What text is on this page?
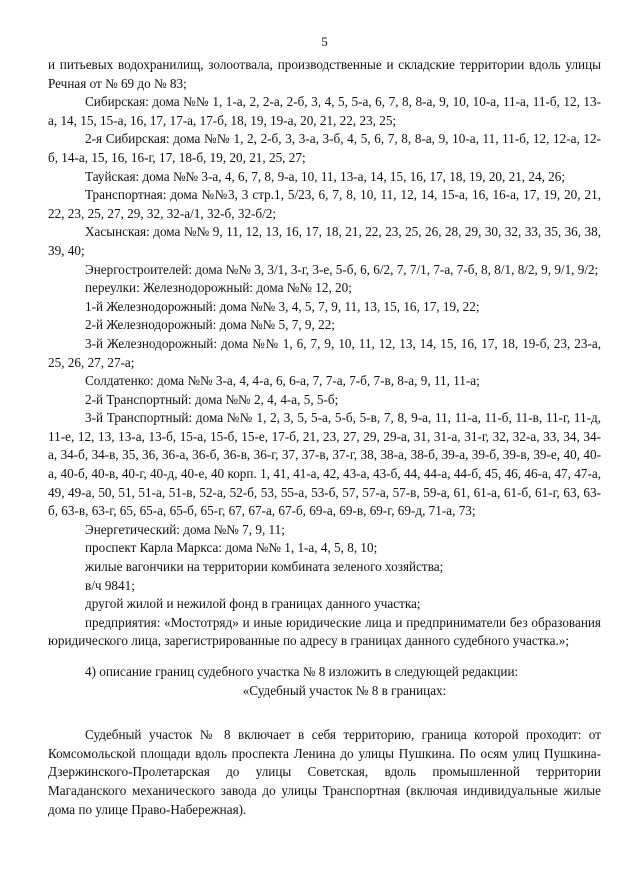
5

и питьевых водохранилищ, золоотвала, производственные и складские территории вдоль улицы Речная от № 69 до № 83;

Сибирская: дома №№ 1, 1-а, 2, 2-а, 2-б, 3, 4, 5, 5-а, 6, 7, 8, 8-а, 9, 10, 10-а, 11-а, 11-б, 12, 13-а, 14, 15, 15-а, 16, 17, 17-а, 17-б, 18, 19, 19-а, 20, 21, 22, 23, 25;

2-я Сибирская: дома №№ 1, 2, 2-б, 3, 3-а, 3-б, 4, 5, 6, 7, 8, 8-а, 9, 10-а, 11, 11-б, 12, 12-а, 12-б, 14-а, 15, 16, 16-г, 17, 18-б, 19, 20, 21, 25, 27;

Тауйская: дома №№ 3-а, 4, 6, 7, 8, 9-а, 10, 11, 13-а, 14, 15, 16, 17, 18, 19, 20, 21, 24, 26;

Транспортная: дома №№3, 3 стр.1, 5/23, 6, 7, 8, 10, 11, 12, 14, 15-а, 16, 16-а, 17, 19, 20, 21, 22, 23, 25, 27, 29, 32, 32-а/1, 32-б, 32-б/2;

Хасынская: дома №№ 9, 11, 12, 13, 16, 17, 18, 21, 22, 23, 25, 26, 28, 29, 30, 32, 33, 35, 36, 38, 39, 40;

Энергостроителей: дома №№ 3, 3/1, 3-г, 3-е, 5-б, 6, 6/2, 7, 7/1, 7-а, 7-б, 8, 8/1, 8/2, 9, 9/1, 9/2;

переулки: Железнодорожный: дома №№ 12, 20;

1-й Железнодорожный: дома №№ 3, 4, 5, 7, 9, 11, 13, 15, 16, 17, 19, 22;

2-й Железнодорожный: дома №№ 5, 7, 9, 22;

3-й Железнодорожный: дома №№ 1, 6, 7, 9, 10, 11, 12, 13, 14, 15, 16, 17, 18, 19-б, 23, 23-а, 25, 26, 27, 27-а;

Солдатенко: дома №№ 3-а, 4, 4-а, 6, 6-а, 7, 7-а, 7-б, 7-в, 8-а, 9, 11, 11-а;

2-й Транспортный: дома №№ 2, 4, 4-а, 5, 5-б;

3-й Транспортный: дома №№ 1, 2, 3, 5, 5-а, 5-б, 5-в, 7, 8, 9-а, 11, 11-а, 11-б, 11-в, 11-г, 11-д, 11-е, 12, 13, 13-а, 13-б, 15-а, 15-б, 15-е, 17-б, 21, 23, 27, 29, 29-а, 31, 31-а, 31-г, 32, 32-а, 33, 34, 34-а, 34-б, 34-в, 35, 36, 36-а, 36-б, 36-в, 36-г, 37, 37-в, 37-г, 38, 38-а, 38-б, 39-а, 39-б, 39-в, 39-е, 40, 40-а, 40-б, 40-в, 40-г, 40-д, 40-е, 40 корп. 1, 41, 41-а, 42, 43-а, 43-б, 44, 44-а, 44-б, 45, 46, 46-а, 47, 47-а, 49, 49-а, 50, 51, 51-а, 51-в, 52-а, 52-б, 53, 55-а, 53-б, 57, 57-а, 57-в, 59-а, 61, 61-а, 61-б, 61-г, 63, 63-б, 63-в, 63-г, 65, 65-а, 65-б, 65-г, 67, 67-а, 67-б, 69-а, 69-в, 69-г, 69-д, 71-а, 73;

Энергетический: дома №№ 7, 9, 11;

проспект Карла Маркса: дома №№ 1, 1-а, 4, 5, 8, 10;

жилые вагончики на территории комбината зеленого хозяйства;

в/ч 9841;

другой жилой и нежилой фонд в границах данного участка;

предприятия: «Мостотряд» и иные юридические лица и предприниматели без образования юридического лица, зарегистрированные по адресу в границах данного судебного участка.»;

4) описание границ судебного участка № 8 изложить в следующей редакции:
«Судебный участок № 8 в границах:

Судебный участок № 8 включает в себя территорию, граница которой проходит: от Комсомольской площади вдоль проспекта Ленина до улицы Пушкина. По осям улиц Пушкина-Дзержинского-Пролетарская до улицы Советская, вдоль промышленной территории Магаданского механического завода до улицы Транспортная (включая индивидуальные жилые дома по улице Право-Набережная).
